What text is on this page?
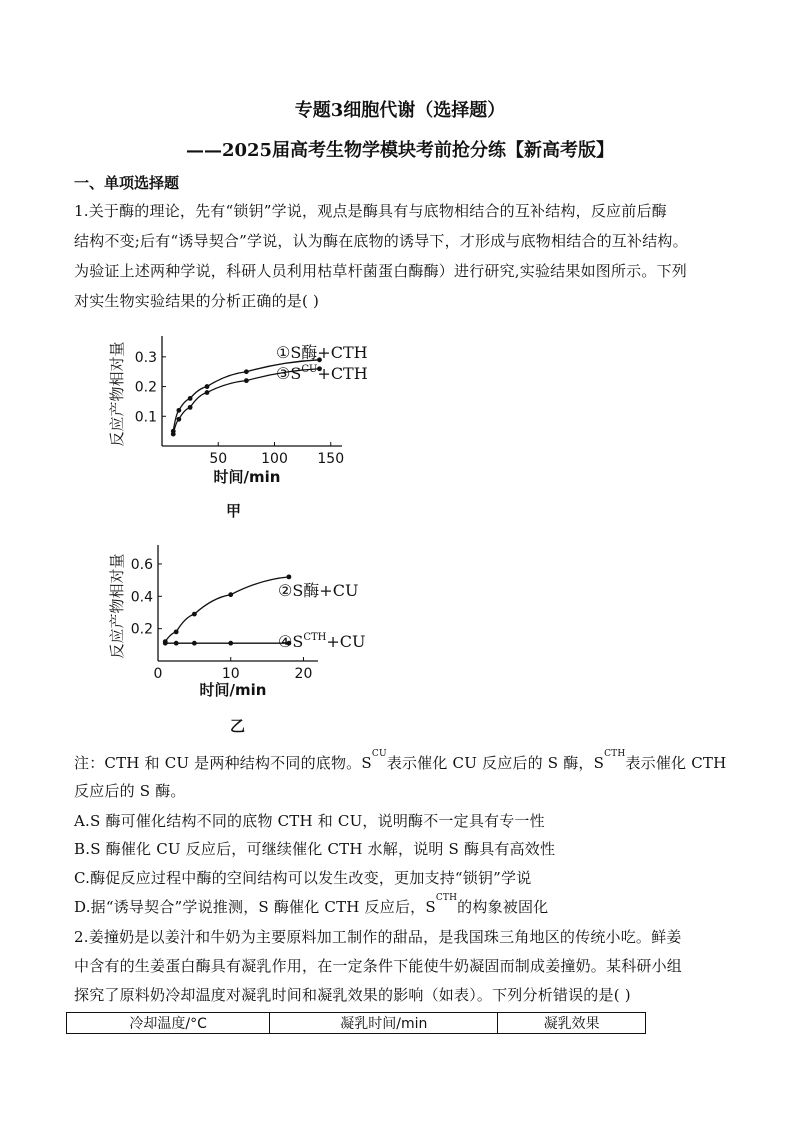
专题3细胞代谢（选择题）
——2025届高考生物学模块考前抢分练【新高考版】
一、单项选择题
1.关于酶的理论，先有“锁钥”学说，观点是酶具有与底物相结合的互补结构，反应前后酶
结构不变;后有“诱导契合”学说，认为酶在底物的诱导下，才形成与底物相结合的互补结构。
为验证上述两种学说，科研人员利用枯草杆菌蛋白酶酶）进行研究,实验结果如图所示。下列
对实生物实验结果的分析正确的是( )
50 100 150
0.1
0.2
0.3
反应产物相对量
时间/min
①S酶+CTH
$③S^{CU}+CTH$
甲
0	10	20
0.2
0.4
0.6
反应产物相对量
时间/min
②S酶+CU
$④S^{CTH}+CU$
乙
注：CTH 和 CU 是两种结构不同的底物。$S^{CU}$表示催化 CU 反应后的 S 酶，$S^{CTH}$表示催化 CTH
反应后的 S 酶。
A.S 酶可催化结构不同的底物 CTH 和 CU，说明酶不一定具有专一性
B.S 酶催化 CU 反应后，可继续催化 CTH 水解，说明 S 酶具有高效性
C.酶促反应过程中酶的空间结构可以发生改变，更加支持“锁钥”学说
D.据“诱导契合”学说推测，S 酶催化 CTH 反应后，$S^{CTH}$的构象被固化
2.姜撞奶是以姜汁和牛奶为主要原料加工制作的甜品，是我国珠三角地区的传统小吃。鲜姜
中含有的生姜蛋白酶具有凝乳作用，在一定条件下能使牛奶凝固而制成姜撞奶。某科研小组
探究了原料奶冷却温度对凝乳时间和凝乳效果的影响（如表）。下列分析错误的是( )
冷却温度/°C	凝乳时间/min	凝乳效果
